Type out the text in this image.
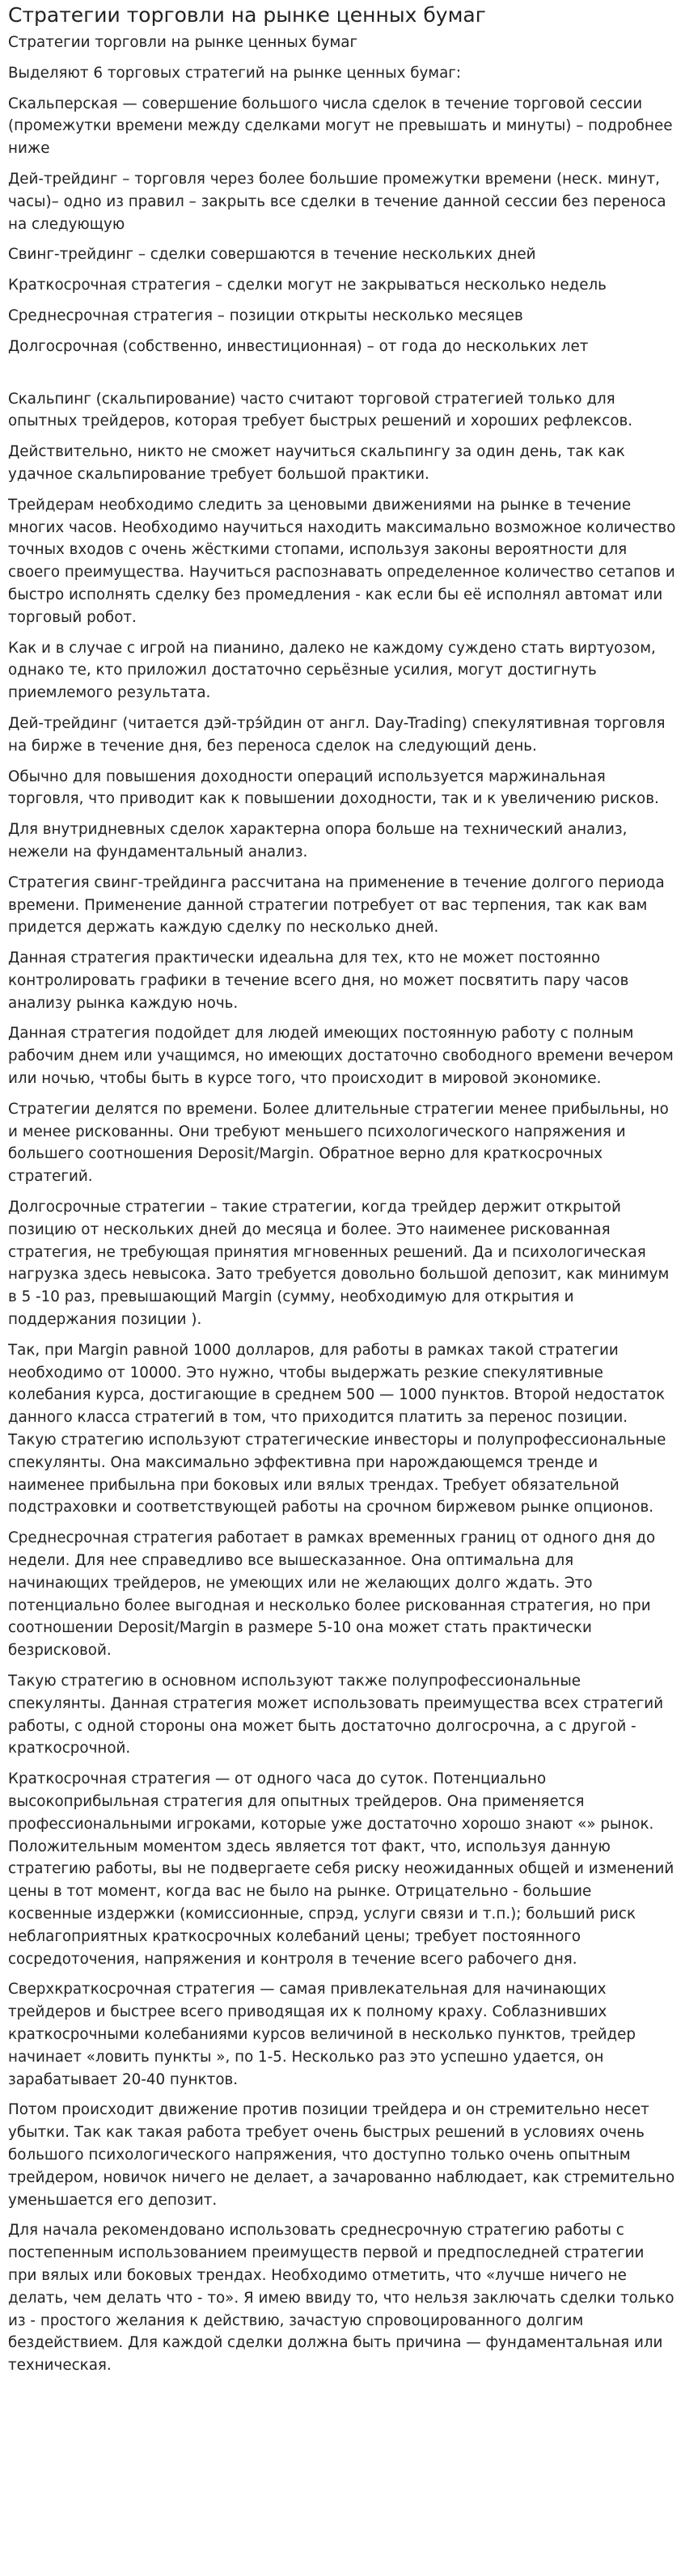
Стратегии торговли на рынке ценных бумаг

Стратегии торговли на рынке ценных бумаг

Выделяют 6 торговых стратегий на рынке ценных бумаг:

Скальперская — совершение большого числа сделок в течение торговой сессии (промежутки времени между сделками могут не превышать и минуты) – подробнее ниже

Дей-трейдинг – торговля через более большие промежутки времени (неск. минут, часы)– одно из правил – закрыть все сделки в течение данной сессии без переноса на следующую

Свинг-трейдинг – сделки совершаются в течение нескольких дней

Краткосрочная стратегия – сделки могут не закрываться несколько недель

Среднесрочная стратегия – позиции открыты несколько месяцев

Долгосрочная (собственно, инвестиционная) – от года до нескольких лет

Скальпинг (скальпирование) часто считают торговой стратегией только для опытных трейдеров, которая требует быстрых решений и хороших рефлексов.

Действительно, никто не сможет научиться скальпингу за один день, так как удачное скальпирование требует большой практики.

Трейдерам необходимо следить за ценовыми движениями на рынке в течение многих часов. Необходимо научиться находить максимально возможное количество точных входов с очень жёсткими стопами, используя законы вероятности для своего преимущества. Научиться распознавать определенное количество сетапов и быстро исполнять сделку без промедления - как если бы её исполнял автомат или торговый робот.

Как и в случае с игрой на пианино, далеко не каждому суждено стать виртуозом, однако те, кто приложил достаточно серьёзные усилия, могут достигнуть приемлемого результата.

Дей-трейдинг (читается дэй-трэ́йдин от англ. Day-Trading) спекулятивная торговля на бирже в течение дня, без переноса сделок на следующий день.

Обычно для повышения доходности операций используется маржинальная торговля, что приводит как к повышении доходности, так и к увеличению рисков.

Для внутридневных сделок характерна опора больше на технический анализ, нежели на фундаментальный анализ.

Стратегия свинг-трейдинга рассчитана на применение в течение долгого периода времени. Применение данной стратегии потребует от вас терпения, так как вам придется держать каждую сделку по несколько дней.

Данная стратегия практически идеальна для тех, кто не может постоянно контролировать графики в течение всего дня, но может посвятить пару часов анализу рынка каждую ночь.

Данная стратегия подойдет для людей имеющих постоянную работу с полным рабочим днем или учащимся, но имеющих достаточно свободного времени вечером или ночью, чтобы быть в курсе того, что происходит в мировой экономике.

Стратегии делятся по времени. Более длительные стратегии менее прибыльны, но и менее рискованны. Они требуют меньшего психологического напряжения и большего соотношения Deposit/Margin. Обратное верно для краткосрочных стратегий.

Долгосрочные стратегии – такие стратегии, когда трейдер держит открытой позицию от нескольких дней до месяца и более. Это наименее рискованная стратегия, не требующая принятия мгновенных решений. Да и психологическая нагрузка здесь невысока. Зато требуется довольно большой депозит, как минимум в 5 -10 раз, превышающий Margin (сумму, необходимую для открытия и поддержания позиции ).

Так, при Margin равной 1000 долларов, для работы в рамках такой стратегии необходимо от 10000. Это нужно, чтобы выдержать резкие спекулятивные колебания курса, достигающие в среднем 500 — 1000 пунктов. Второй недостаток данного класса стратегий в том, что приходится платить за перенос позиции. Такую стратегию используют стратегические инвесторы и полупрофессиональные спекулянты. Она максимально эффективна при нарождающемся тренде и наименее прибыльна при боковых или вялых трендах. Требует обязательной подстраховки и соответствующей работы на срочном биржевом рынке опционов.

Среднесрочная стратегия работает в рамках временных границ от одного дня до недели. Для нее справедливо все вышесказанное. Она оптимальна для начинающих трейдеров, не умеющих или не желающих долго ждать. Это потенциально более выгодная и несколько более рискованная стратегия, но при соотношении Deposit/Margin в размере 5-10 она может стать практически безрисковой.

Такую стратегию в основном используют также полупрофессиональные спекулянты. Данная стратегия может использовать преимущества всех стратегий работы, с одной стороны она может быть достаточно долгосрочна, а с другой - краткосрочной.

Краткосрочная стратегия — от одного часа до суток. Потенциально высокоприбыльная стратегия для опытных трейдеров. Она применяется профессиональными игроками, которые уже достаточно хорошо знают «» рынок. Положительным моментом здесь является тот факт, что, используя данную стратегию работы, вы не подвергаете себя риску неожиданных общей и изменений цены в тот момент, когда вас не было на рынке. Отрицательно - большие косвенные издержки (комиссионные, спрэд, услуги связи и т.п.); больший риск неблагоприятных краткосрочных колебаний цены; требует постоянного сосредоточения, напряжения и контроля в течение всего рабочего дня.

Сверхкраткосрочная стратегия — самая привлекательная для начинающих трейдеров и быстрее всего приводящая их к полному краху. Соблазнивших краткосрочными колебаниями курсов величиной в несколько пунктов, трейдер начинает «ловить пункты », по 1-5. Несколько раз это успешно удается, он зарабатывает 20-40 пунктов.

Потом происходит движение против позиции трейдера и он стремительно несет убытки. Так как такая работа требует очень быстрых решений в условиях очень большого психологического напряжения, что доступно только очень опытным трейдером, новичок ничего не делает, а зачарованно наблюдает, как стремительно уменьшается его депозит.

Для начала рекомендовано использовать среднесрочную стратегию работы с постепенным использованием преимуществ первой и предпоследней стратегии при вялых или боковых трендах. Необходимо отметить, что «лучше ничего не делать, чем делать что - то». Я имею ввиду то, что нельзя заключать сделки только из - простого желания к действию, зачастую спровоцированного долгим бездействием. Для каждой сделки должна быть причина — фундаментальная или техническая.
